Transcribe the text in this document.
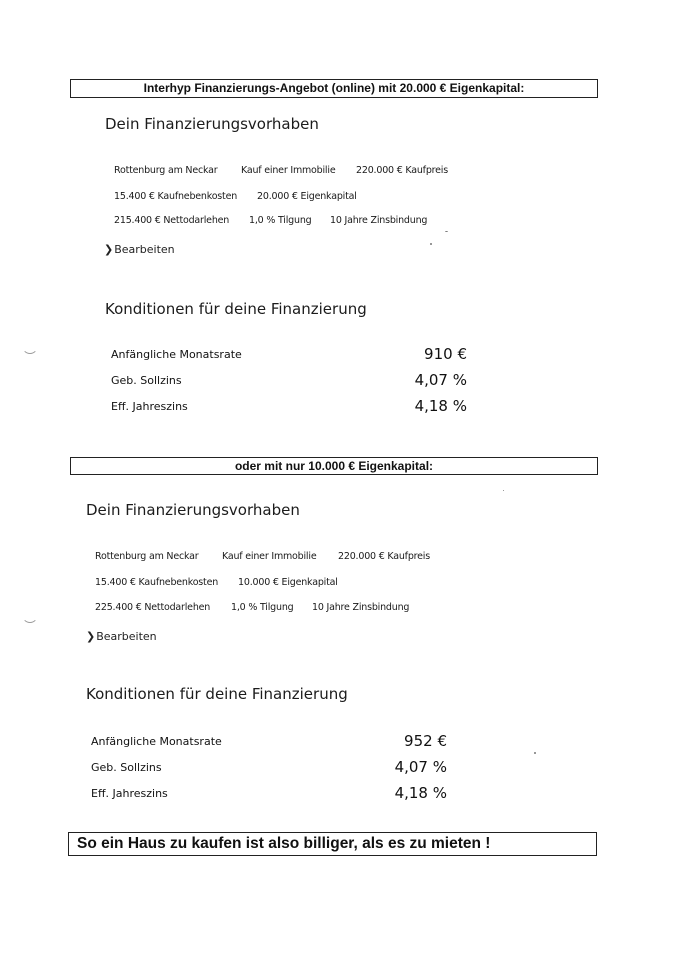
Interhyp Finanzierungs-Angebot (online) mit 20.000 € Eigenkapital:
Dein Finanzierungsvorhaben
Rottenburg am Neckar Kauf einer Immobilie 220.000 € Kaufpreis
15.400 € Kaufnebenkosten 20.000 € Eigenkapital
215.400 € Nettodarlehen 1,0 % Tilgung 10 Jahre Zinsbindung
❯Bearbeiten
Konditionen für deine Finanzierung
Anfängliche Monatsrate	910 €
Geb. Sollzins	4,07 %
Eff. Jahreszins	4,18 %
oder mit nur 10.000 € Eigenkapital:
Dein Finanzierungsvorhaben
Rottenburg am Neckar Kauf einer Immobilie 220.000 € Kaufpreis
15.400 € Kaufnebenkosten 10.000 € Eigenkapital
225.400 € Nettodarlehen 1,0 % Tilgung 10 Jahre Zinsbindung
❯Bearbeiten
Konditionen für deine Finanzierung
Anfängliche Monatsrate	952 €
Geb. Sollzins	4,07 %
Eff. Jahreszins	4,18 %
So ein Haus zu kaufen ist also billiger, als es zu mieten !
